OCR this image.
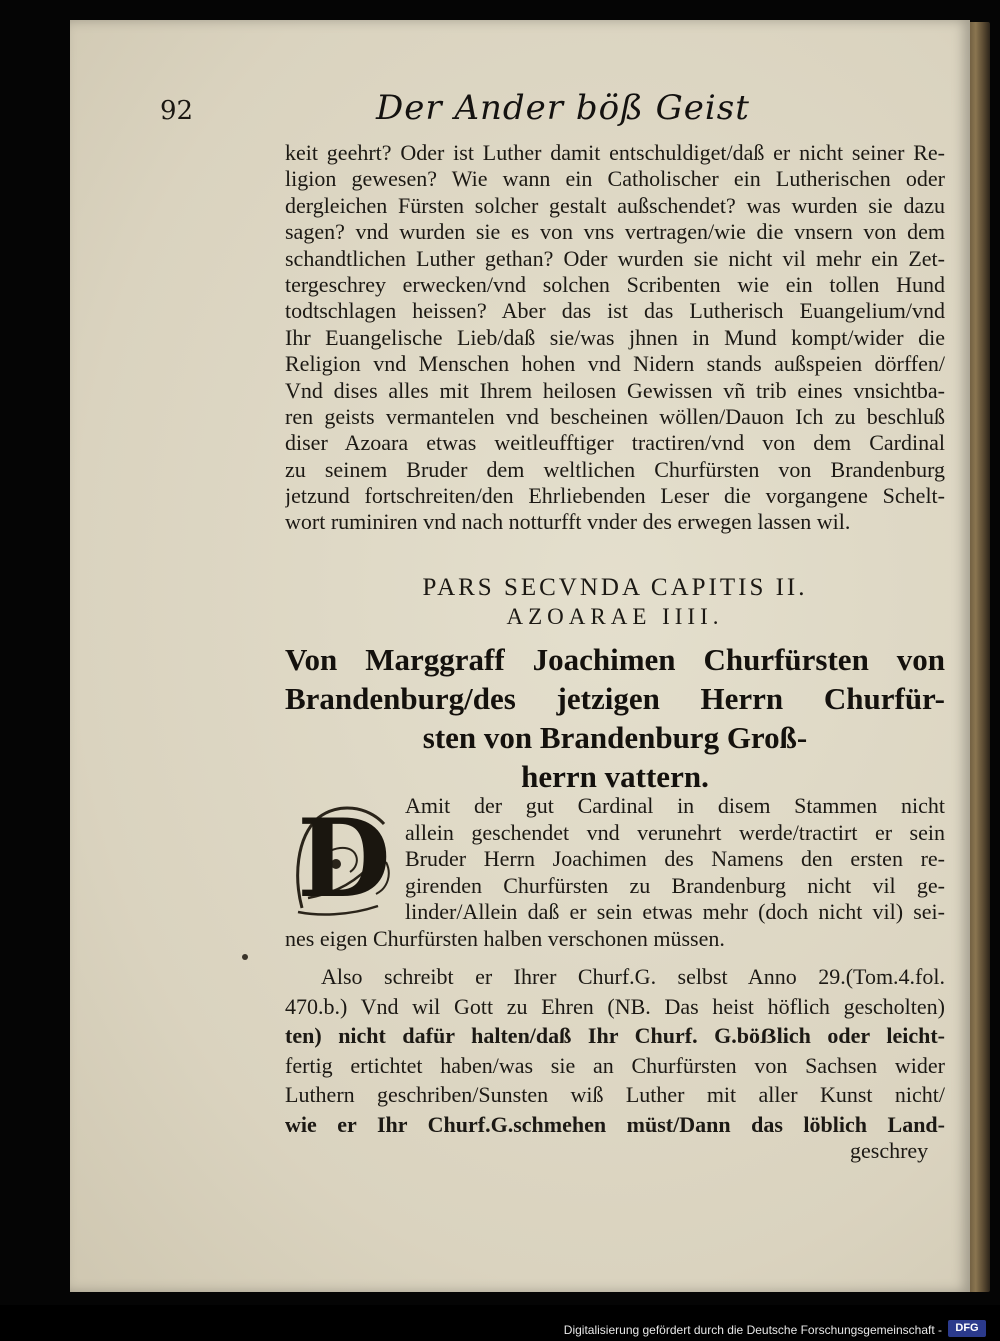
92	Der Ander böß Geist
keit geehrt? Oder ist Luther damit entschuldiget/daß er nicht seiner Re-
ligion gewesen? Wie wann ein Catholischer ein Lutherischen oder
dergleichen Fürsten solcher gestalt außschendet? was wurden sie dazu
sagen? vnd wurden sie es von vns vertragen/wie die vnsern von dem
schandtlichen Luther gethan? Oder wurden sie nicht vil mehr ein Zet-
tergeschrey erwecken/vnd solchen Scribenten wie ein tollen Hund
todtschlagen heissen? Aber das ist das Lutherisch Euangelium/vnd
Ihr Euangelische Lieb/daß sie/was jhnen in Mund kompt/wider die
Religion vnd Menschen hohen vnd Nidern stands außspeien dörffen/
Vnd dises alles mit Ihrem heilosen Gewissen vñ trib eines vnsichtba-
ren geists vermantelen vnd bescheinen wöllen/Dauon Ich zu beschluß
diser Azoara etwas weitleufftiger tractiren/vnd von dem Cardinal
zu seinem Bruder dem weltlichen Churfürsten von Brandenburg
jetzund fortschreiten/den Ehrliebenden Leser die vorgangene Schelt-
wort ruminiren vnd nach notturfft vnder des erwegen lassen wil.
PARS SECVNDA CAPITIS II.
AZOARAE IIII.
Von Marggraff Joachimen Churfürsten von
Brandenburg/des jetzigen Herrn Churfür-
sten von Brandenburg Groß-
herrn vattern.
D Amit der gut Cardinal in disem Stammen nicht
allein geschendet vnd verunehrt werde/tractirt er sein
Bruder Herrn Joachimen des Namens den ersten re-
girenden Churfürsten zu Brandenburg nicht vil ge-
linder/Allein daß er sein etwas mehr (doch nicht vil) sei-
nes eigen Churfürsten halben verschonen müssen.
Also schreibt er Ihrer Churf.G. selbst Anno 29.(Tom.4.fol.
470.b.) Vnd wil Gott zu Ehren (NB. Das heist höflich gescholten)
ten) nicht dafür halten/daß Ihr Churf. G.böẞlich oder leicht-
fertig ertichtet haben/was sie an Churfürsten von Sachsen wider
Luthern geschriben/Sunsten wiß Luther mit aller Kunst nicht/
wie er Ihr Churf.G.schmehen müst/Dann das löblich Land-
geschrey
Digitalisierung gefördert durch die Deutsche Forschungsgemeinschaft -	DFG
